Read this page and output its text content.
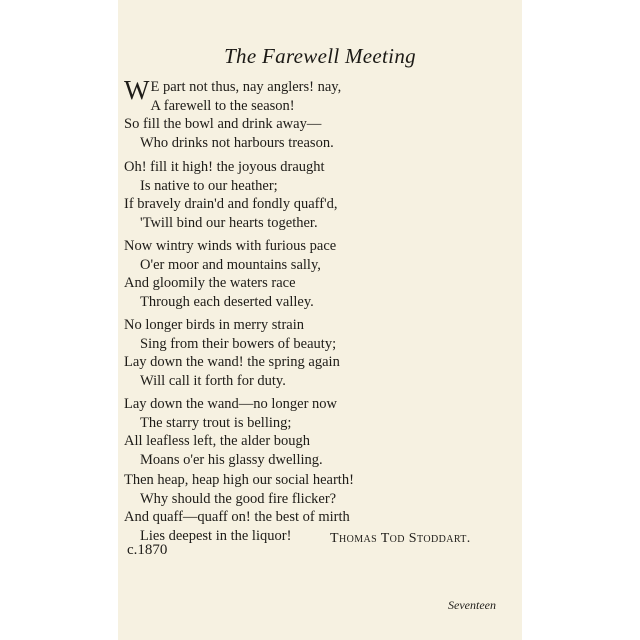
The Farewell Meeting
W E part not thus, nay anglers! nay,
A farewell to the season!
So fill the bowl and drink away—
Who drinks not harbours treason.
Oh! fill it high! the joyous draught
Is native to our heather;
If bravely drain'd and fondly quaff'd,
'Twill bind our hearts together.
Now wintry winds with furious pace
O'er moor and mountains sally,
And gloomily the waters race
Through each deserted valley.
No longer birds in merry strain
Sing from their bowers of beauty;
Lay down the wand! the spring again
Will call it forth for duty.
Lay down the wand—no longer now
The starry trout is belling;
All leafless left, the alder bough
Moans o'er his glassy dwelling.
Then heap, heap high our social hearth!
Why should the good fire flicker?
And quaff—quaff on! the best of mirth
Lies deepest in the liquor!	Thomas Tod Stoddart.
c.1870
Seventeen
